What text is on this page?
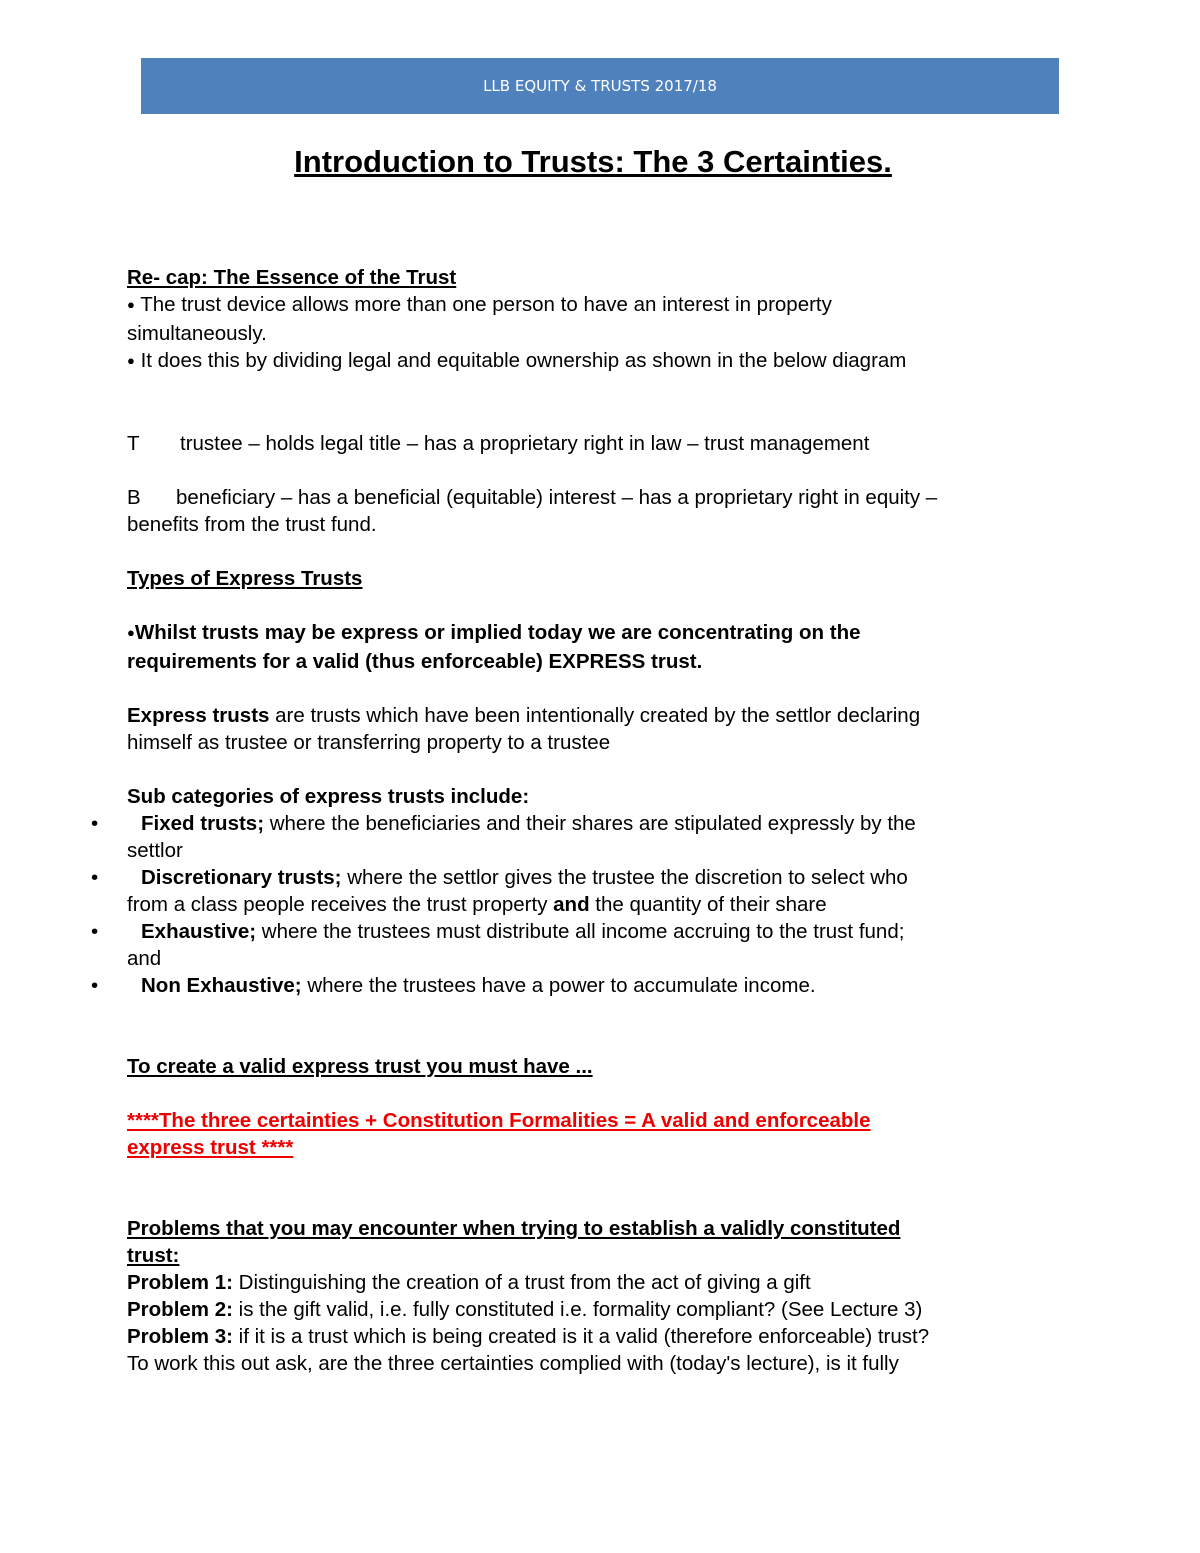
LLB EQUITY & TRUSTS 2017/18
Introduction to Trusts: The 3 Certainties.
Re- cap: The Essence of the Trust
● The trust device allows more than one person to have an interest in property
simultaneously.
● It does this by dividing legal and equitable ownership as shown in the below diagram
T trustee – holds legal title – has a proprietary right in law – trust management
B beneficiary – has a beneficial (equitable) interest – has a proprietary right in equity –
benefits from the trust fund.
Types of Express Trusts
●Whilst trusts may be express or implied today we are concentrating on the
requirements for a valid (thus enforceable) EXPRESS trust.
Express trusts are trusts which have been intentionally created by the settlor declaring
himself as trustee or transferring property to a trustee
Sub categories of express trusts include:
• Fixed trusts; where the beneficiaries and their shares are stipulated expressly by the
settlor
• Discretionary trusts; where the settlor gives the trustee the discretion to select who
from a class people receives the trust property and the quantity of their share
• Exhaustive; where the trustees must distribute all income accruing to the trust fund;
and
• Non Exhaustive; where the trustees have a power to accumulate income.
To create a valid express trust you must have ...
****The three certainties + Constitution Formalities = A valid and enforceable
express trust ****
Problems that you may encounter when trying to establish a validly constituted
trust:
Problem 1: Distinguishing the creation of a trust from the act of giving a gift
Problem 2: is the gift valid, i.e. fully constituted i.e. formality compliant? (See Lecture 3)
Problem 3: if it is a trust which is being created is it a valid (therefore enforceable) trust?
To work this out ask, are the three certainties complied with (today's lecture), is it fully
